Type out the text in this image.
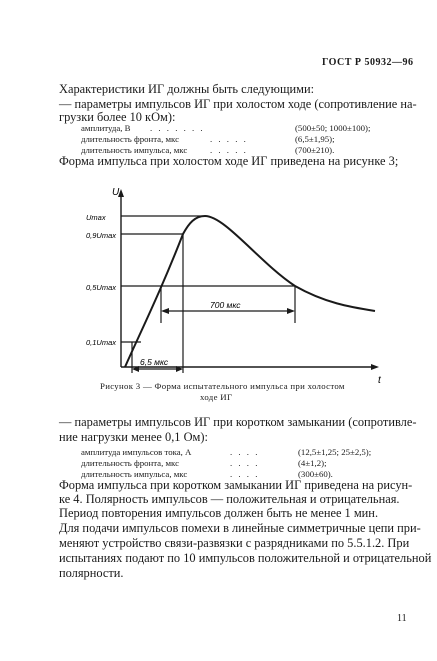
ГОСТ Р 50932—96
Характеристики ИГ должны быть следующими:
— параметры импульсов ИГ при холостом ходе (сопротивление на-
грузки более 10 кОм):
амплитуда, В . . . . . . .	(500±50; 1000±100);
длительность фронта, мкс	. . . . .	(6,5±1,95);
длительность импульса, мкс	. . . . .	(700±210).
Форма импульса при холостом ходе ИГ приведена на рисунке 3;
U
t
700 мкс
6,5 мкс
Umax
0,9Umax
0,5Umax
0,1Umax
Рисунок 3 — Форма испытательного импульса при холостом
ходе ИГ
— параметры импульсов ИГ при коротком замыкании (сопротивле-
ние нагрузки менее 0,1 Ом):
амплитуда импульсов тока, А	. . . .	(12,5±1,25; 25±2,5);
длительность фронта, мкс	. . . .	(4±1,2);
длительность импульса, мкс	. . . .	(300±60).
Форма импульса при коротком замыкании ИГ приведена на рисун-
ке 4. Полярность импульсов — положительная и отрицательная.
Период повторения импульсов должен быть не менее 1 мин.
Для подачи импульсов помехи в линейные симметричные цепи при-
меняют устройство связи-развязки с разрядниками по 5.5.1.2. При
испытаниях подают по 10 импульсов положительной и отрицательной
полярности.
11
